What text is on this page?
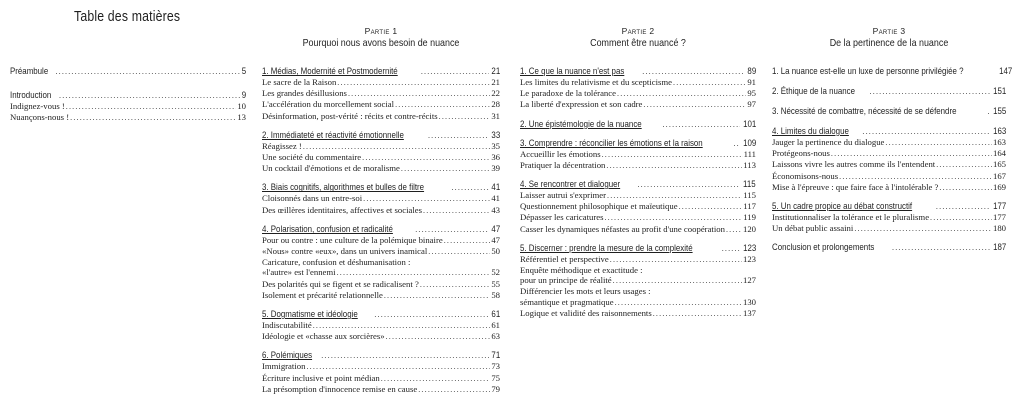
Table des matières
Préambule .....	5
Introduction .....	9
Indignez-vous ! .....	10
Nuançons-nous ! .....	13
Partie 1
Pourquoi nous avons besoin de nuance
1. Médias, Modernité et Postmodernité .....	21
Le sacre de la Raison .....	21
Les grandes désillusions .....	22
L'accélération du morcellement social .....	28
Désinformation, post-vérité : récits et contre-récits .....	31
2. Immédiateté et réactivité émotionnelle .....	33
Réagissez ! .....	35
Une société du commentaire .....	36
Un cocktail d'émotions et de moralisme .....	39
3. Biais cognitifs, algorithmes et bulles de filtre .....	41
Cloisonnés dans un entre-soi .....	41
Des œillères identitaires, affectives et sociales .....	43
4. Polarisation, confusion et radicalité .....	47
Pour ou contre : une culture de la polémique binaire .....	47
«Nous» contre «eux», dans un univers inamical .....	50
Caricature, confusion et déshumanisation :
«l'autre» est l'ennemi .....	52
Des polarités qui se figent et se radicalisent ? .....	55
Isolement et précarité relationnelle .....	58
5. Dogmatisme et idéologie .....	61
Indiscutabilité .....	61
Idéologie et «chasse aux sorcières» .....	63
6. Polémiques .....	71
Immigration .....	73
Écriture inclusive et point médian .....	75
La présomption d'innocence remise en cause .....	79
Partie 2
Comment être nuancé ?
1. Ce que la nuance n'est pas .....	89
Les limites du relativisme et du scepticisme .....	91
Le paradoxe de la tolérance .....	95
La liberté d'expression et son cadre .....	97
2. Une épistémologie de la nuance .....	101
3. Comprendre : réconcilier les émotions et la raison .....	109
Accueillir les émotions .....	111
Pratiquer la décentration .....	113
4. Se rencontrer et dialoguer .....	115
Laisser autrui s'exprimer .....	115
Questionnement philosophique et maïeutique .....	117
Dépasser les caricatures .....	119
Casser les dynamiques néfastes au profit d'une coopération ..... 120
5. Discerner : prendre la mesure de la complexité .....	123
Référentiel et perspective .....	123
Enquête méthodique et exactitude :
pour un principe de réalité .....	127
Différencier les mots et leurs usages :
sémantique et pragmatique .....	130
Logique et validité des raisonnements .....	137
Partie 3
De la pertinence de la nuance
1. La nuance est-elle un luxe de personne privilégiée ?	147
2. Éthique de la nuance .....	151
3. Nécessité de combattre, nécessité de se défendre .....	155
4. Limites du dialogue .....	163
Jauger la pertinence du dialogue .....	163
Protégeons-nous .....	164
Laissons vivre les autres comme ils l'entendent .....	165
Économisons-nous .....	167
Mise à l'épreuve : que faire face à l'intolérable ? .....	169
5. Un cadre propice au débat constructif .....	177
Institutionnaliser la tolérance et le pluralisme .....	177
Un débat public assaini .....	180
Conclusion et prolongements .....	187
